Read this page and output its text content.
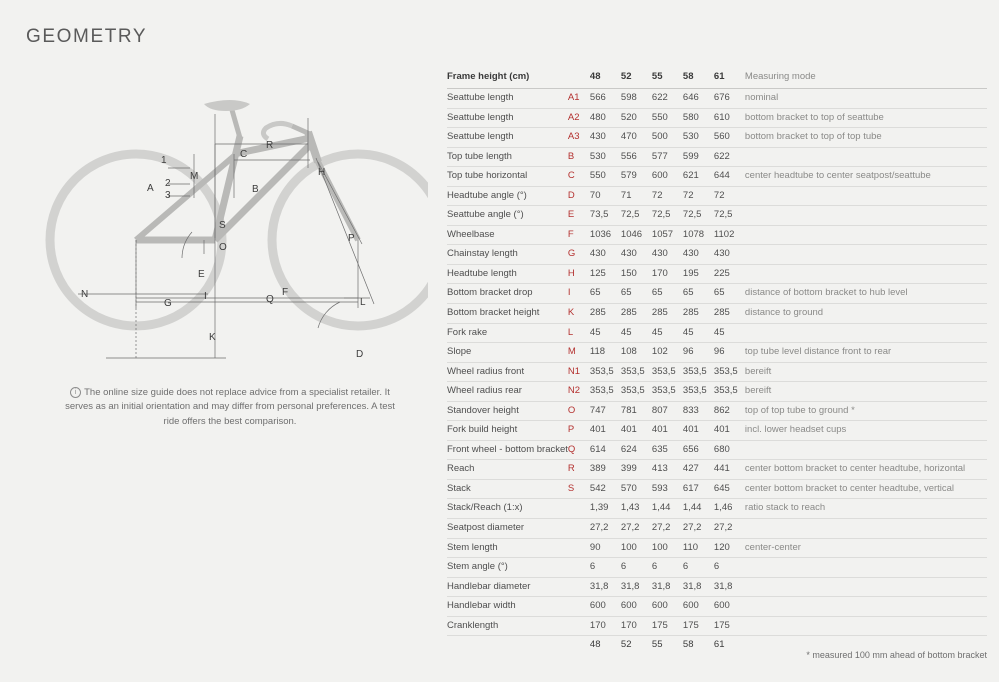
GEOMETRY
R
C
1
2
3
A
M
B
H
S
O
P
E
N
G
I	Q
F
L
K
D
i The online size guide does not replace advice from a specialist retailer. It serves as an initial orientation and may differ from personal preferences. A test ride offers the best comparison.
Frame height (cm)		48	52	55	58	61	Measuring mode
Seattube length	A1	566	598	622	646	676	nominal
Seattube length	A2	480	520	550	580	610	bottom bracket to top of seattube
Seattube length	A3	430	470	500	530	560	bottom bracket to top of top tube
Top tube length	B	530	556	577	599	622	
Top tube horizontal	C	550	579	600	621	644	center headtube to center seatpost/seattube
Headtube angle (°)	D	70	71	72	72	72	
Seattube angle (°)	E	73,5	72,5	72,5	72,5	72,5	
Wheelbase	F	1036	1046	1057	1078	1102	
Chainstay length	G	430	430	430	430	430	
Headtube length	H	125	150	170	195	225	
Bottom bracket drop	I	65	65	65	65	65	distance of bottom bracket to hub level
Bottom bracket height	K	285	285	285	285	285	distance to ground
Fork rake	L	45	45	45	45	45	
Slope	M	118	108	102	96	96	top tube level distance front to rear
Wheel radius front	N1	353,5	353,5	353,5	353,5	353,5	bereift
Wheel radius rear	N2	353,5	353,5	353,5	353,5	353,5	bereift
Standover height	O	747	781	807	833	862	top of top tube to ground *
Fork build height	P	401	401	401	401	401	incl. lower headset cups
Front wheel - bottom bracket	Q	614	624	635	656	680	
Reach	R	389	399	413	427	441	center bottom bracket to center headtube, horizontal
Stack	S	542	570	593	617	645	center bottom bracket to center headtube, vertical
Stack/Reach (1:x)		1,39	1,43	1,44	1,44	1,46	ratio stack to reach
Seatpost diameter		27,2	27,2	27,2	27,2	27,2	
Stem length		90	100	100	110	120	center-center
Stem angle (°)		6	6	6	6	6	
Handlebar diameter		31,8	31,8	31,8	31,8	31,8	
Handlebar width		600	600	600	600	600	
Cranklength		170	170	175	175	175	
		48	52	55	58	61	
* measured 100 mm ahead of bottom bracket
